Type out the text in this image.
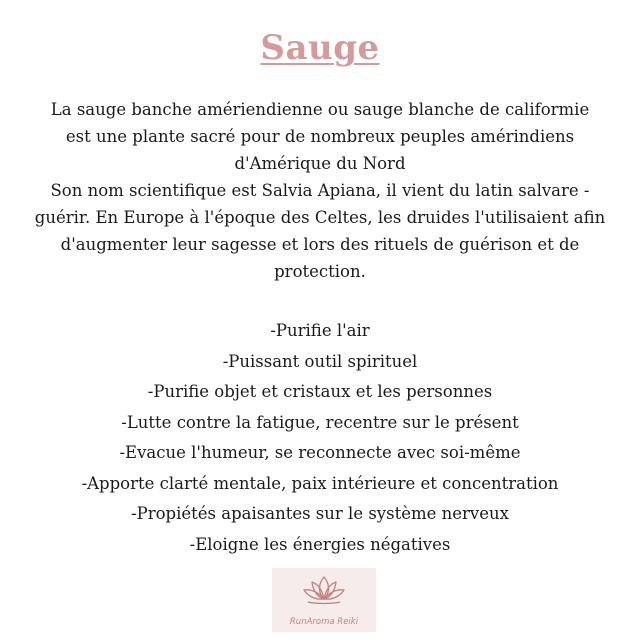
Sauge
La sauge banche amériendienne ou sauge blanche de califormie
est une plante sacré pour de nombreux peuples amérindiens
d'Amérique du Nord
Son nom scientifique est Salvia Apiana, il vient du latin salvare -
guérir. En Europe à l'époque des Celtes, les druides l'utilisaient afin
d'augmenter leur sagesse et lors des rituels de guérison et de
protection.
-Purifie l'air
-Puissant outil spirituel
-Purifie objet et cristaux et les personnes
-Lutte contre la fatigue, recentre sur le présent
-Evacue l'humeur, se reconnecte avec soi-même
-Apporte clarté mentale, paix intérieure et concentration
-Propiétés apaisantes sur le système nerveux
-Eloigne les énergies négatives
RunAroma Reiki
